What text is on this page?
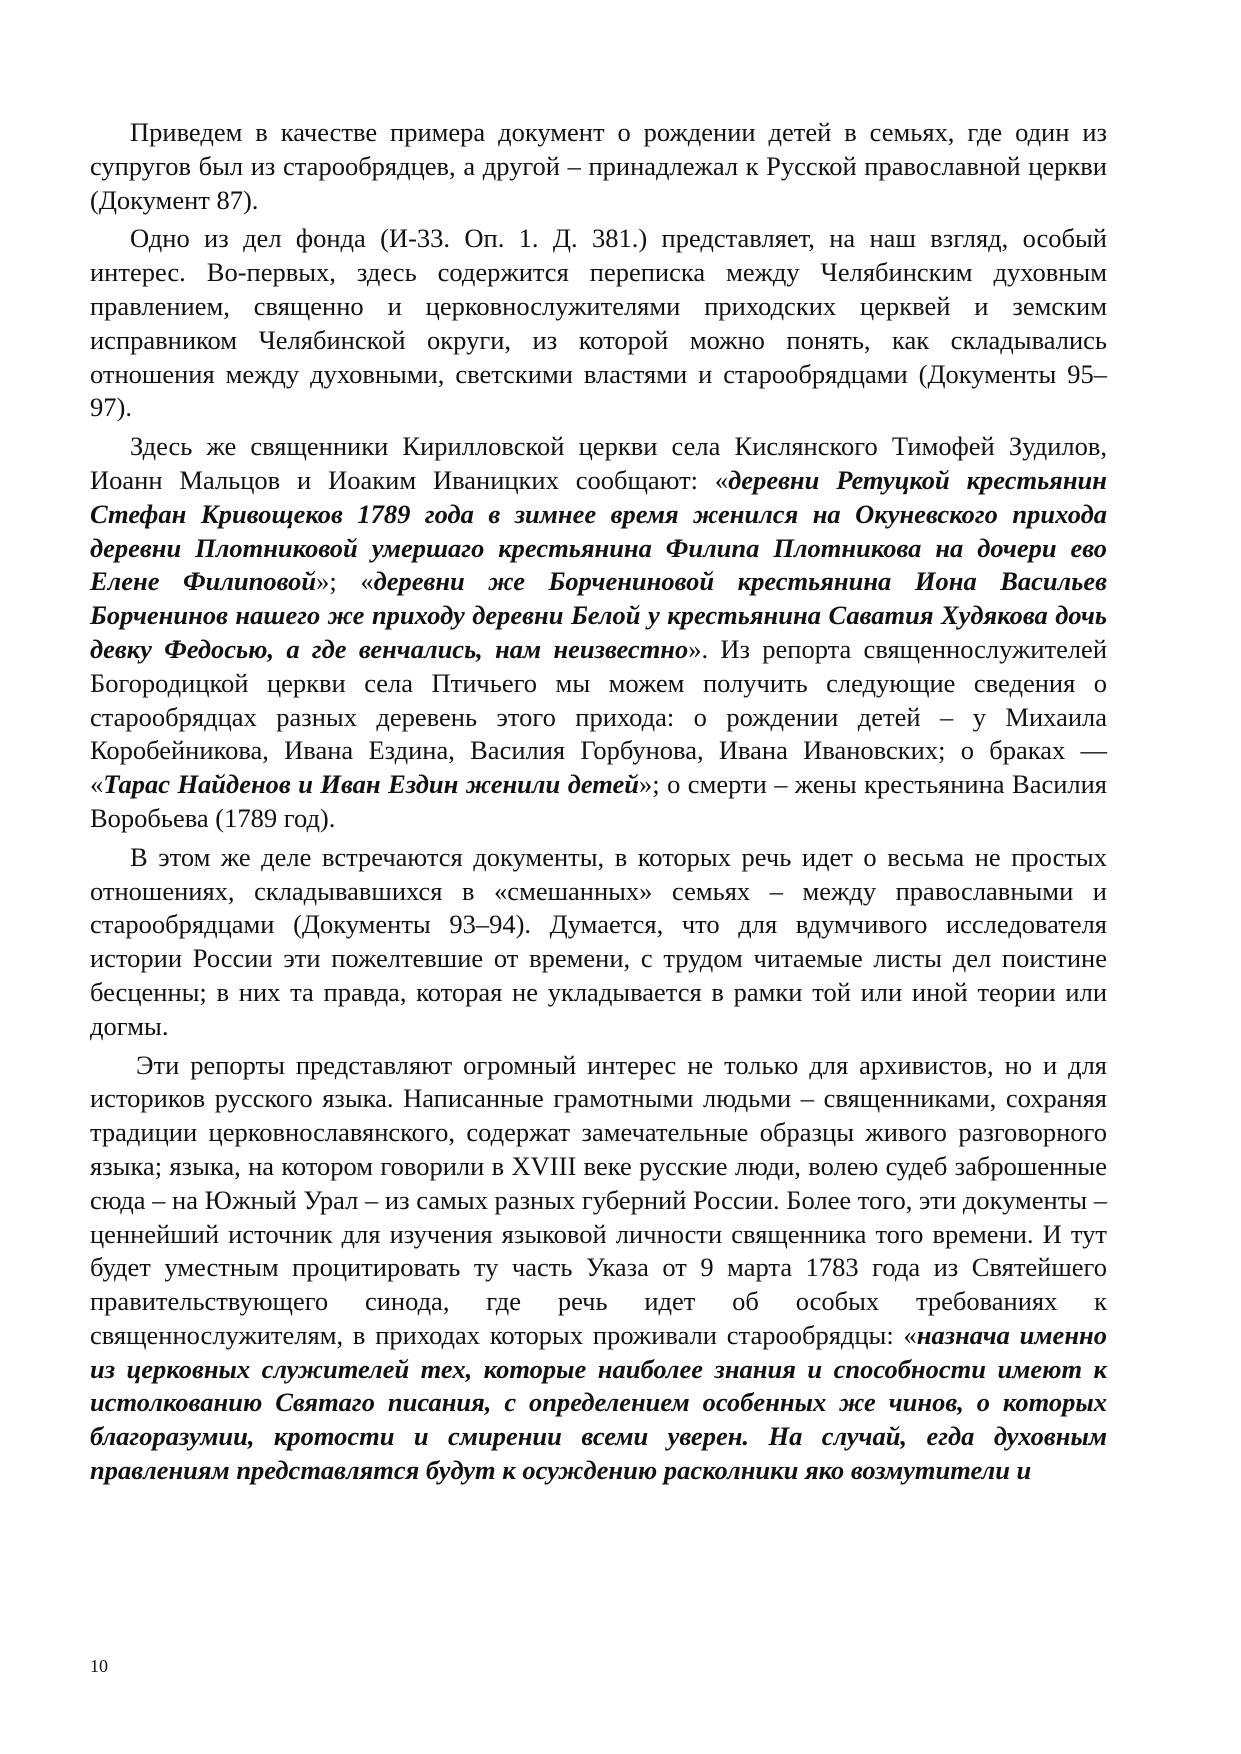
Приведем в качестве примера документ о рождении детей в семьях, где один из супругов был из старообрядцев, а другой – принадлежал к Русской православной церкви (Документ 87).

Одно из дел фонда (И-33. Оп. 1. Д. 381.) представляет, на наш взгляд, особый интерес. Во-первых, здесь содержится переписка между Челябинским духовным правлением, священно и церковнослужителями приходских церквей и земским исправником Челябинской округи, из которой можно понять, как складывались отношения между духовными, светскими властями и старообрядцами (Документы 95–97).

Здесь же священники Кирилловской церкви села Кислянского Тимофей Зудилов, Иоанн Мальцов и Иоаким Иваницких сообщают: «деревни Ретуцкой крестьянин Стефан Кривощеков 1789 года в зимнее время женился на Окуневского прихода деревни Плотниковой умершаго крестьянина Филипа Плотникова на дочери ево Елене Филиповой»; «деревни же Борчениновой крестьянина Иона Васильев Борченинов нашего же приходу деревни Белой у крестьянина Саватия Худякова дочь девку Федосью, а где венчались, нам неизвестно». Из репорта священнослужителей Богородицкой церкви села Птичьего мы можем получить следующие сведения о старообрядцах разных деревень этого прихода: о рождении детей – у Михаила Коробейникова, Ивана Ездина, Василия Горбунова, Ивана Ивановских; о браках — «Тарас Найденов и Иван Ездин женили детей»; о смерти – жены крестьянина Василия Воробьева (1789 год).

В этом же деле встречаются документы, в которых речь идет о весьма не простых отношениях, складывавшихся в «смешанных» семьях – между православными и старообрядцами (Документы 93–94). Думается, что для вдумчивого исследователя истории России эти пожелтевшие от времени, с трудом читаемые листы дел поистине бесценны; в них та правда, которая не укладывается в рамки той или иной теории или догмы.

Эти репорты представляют огромный интерес не только для архивистов, но и для историков русского языка. Написанные грамотными людьми – священниками, сохраняя традиции церковнославянского, содержат замечательные образцы живого разговорного языка; языка, на котором говорили в XVIII веке русские люди, волею судеб заброшенные сюда – на Южный Урал – из самых разных губерний России. Более того, эти документы – ценнейший источник для изучения языковой личности священника того времени. И тут будет уместным процитировать ту часть Указа от 9 марта 1783 года из Святейшего правительствующего синода, где речь идет об особых требованиях к священнослужителям, в приходах которых проживали старообрядцы: «назнача именно из церковных служителей тех, которые наиболее знания и способности имеют к истолкованию Святаго писания, с определением особенных же чинов, о которых благоразумии, кротости и смирении всеми уверен. На случай, егда духовным правлениям представлятся будут к осуждению расколники яко возмутители и

10
